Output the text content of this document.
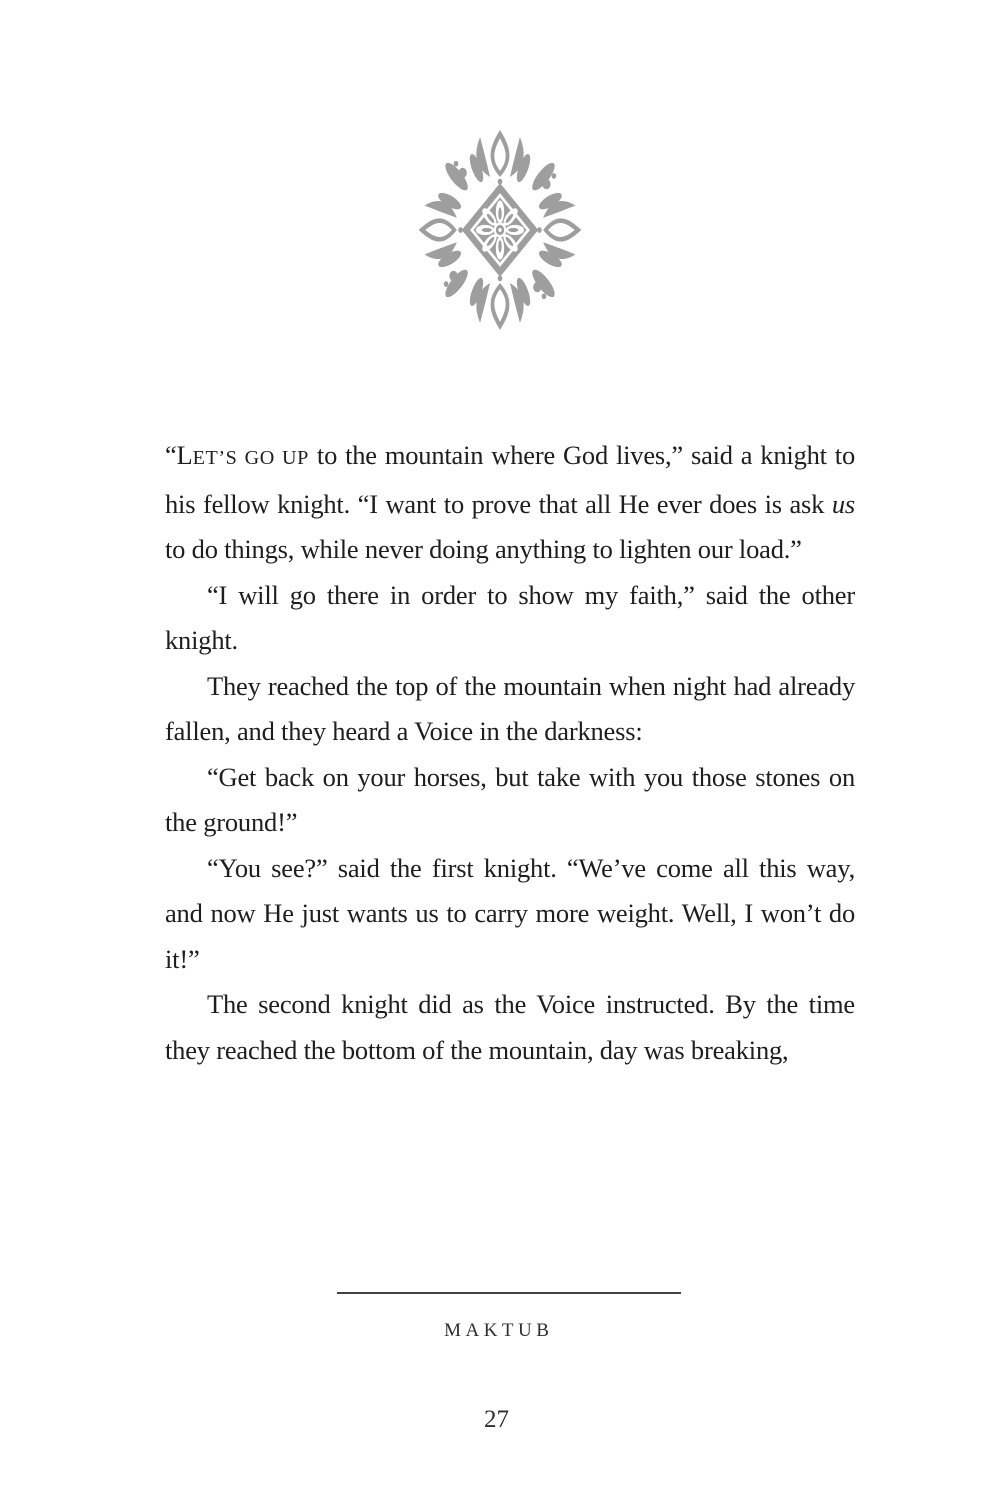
“LET’S GO UP to the mountain where God lives,” said a knight to his fellow knight. “I want to prove that all He ever does is ask us to do things, while never doing anything to lighten our load.”

“I will go there in order to show my faith,” said the other knight.

They reached the top of the mountain when night had already fallen, and they heard a Voice in the darkness:

“Get back on your horses, but take with you those stones on the ground!”

“You see?” said the first knight. “We’ve come all this way, and now He just wants us to carry more weight. Well, I won’t do it!”

The second knight did as the Voice instructed. By the time they reached the bottom of the mountain, day was breaking,

MAKTUB
27
